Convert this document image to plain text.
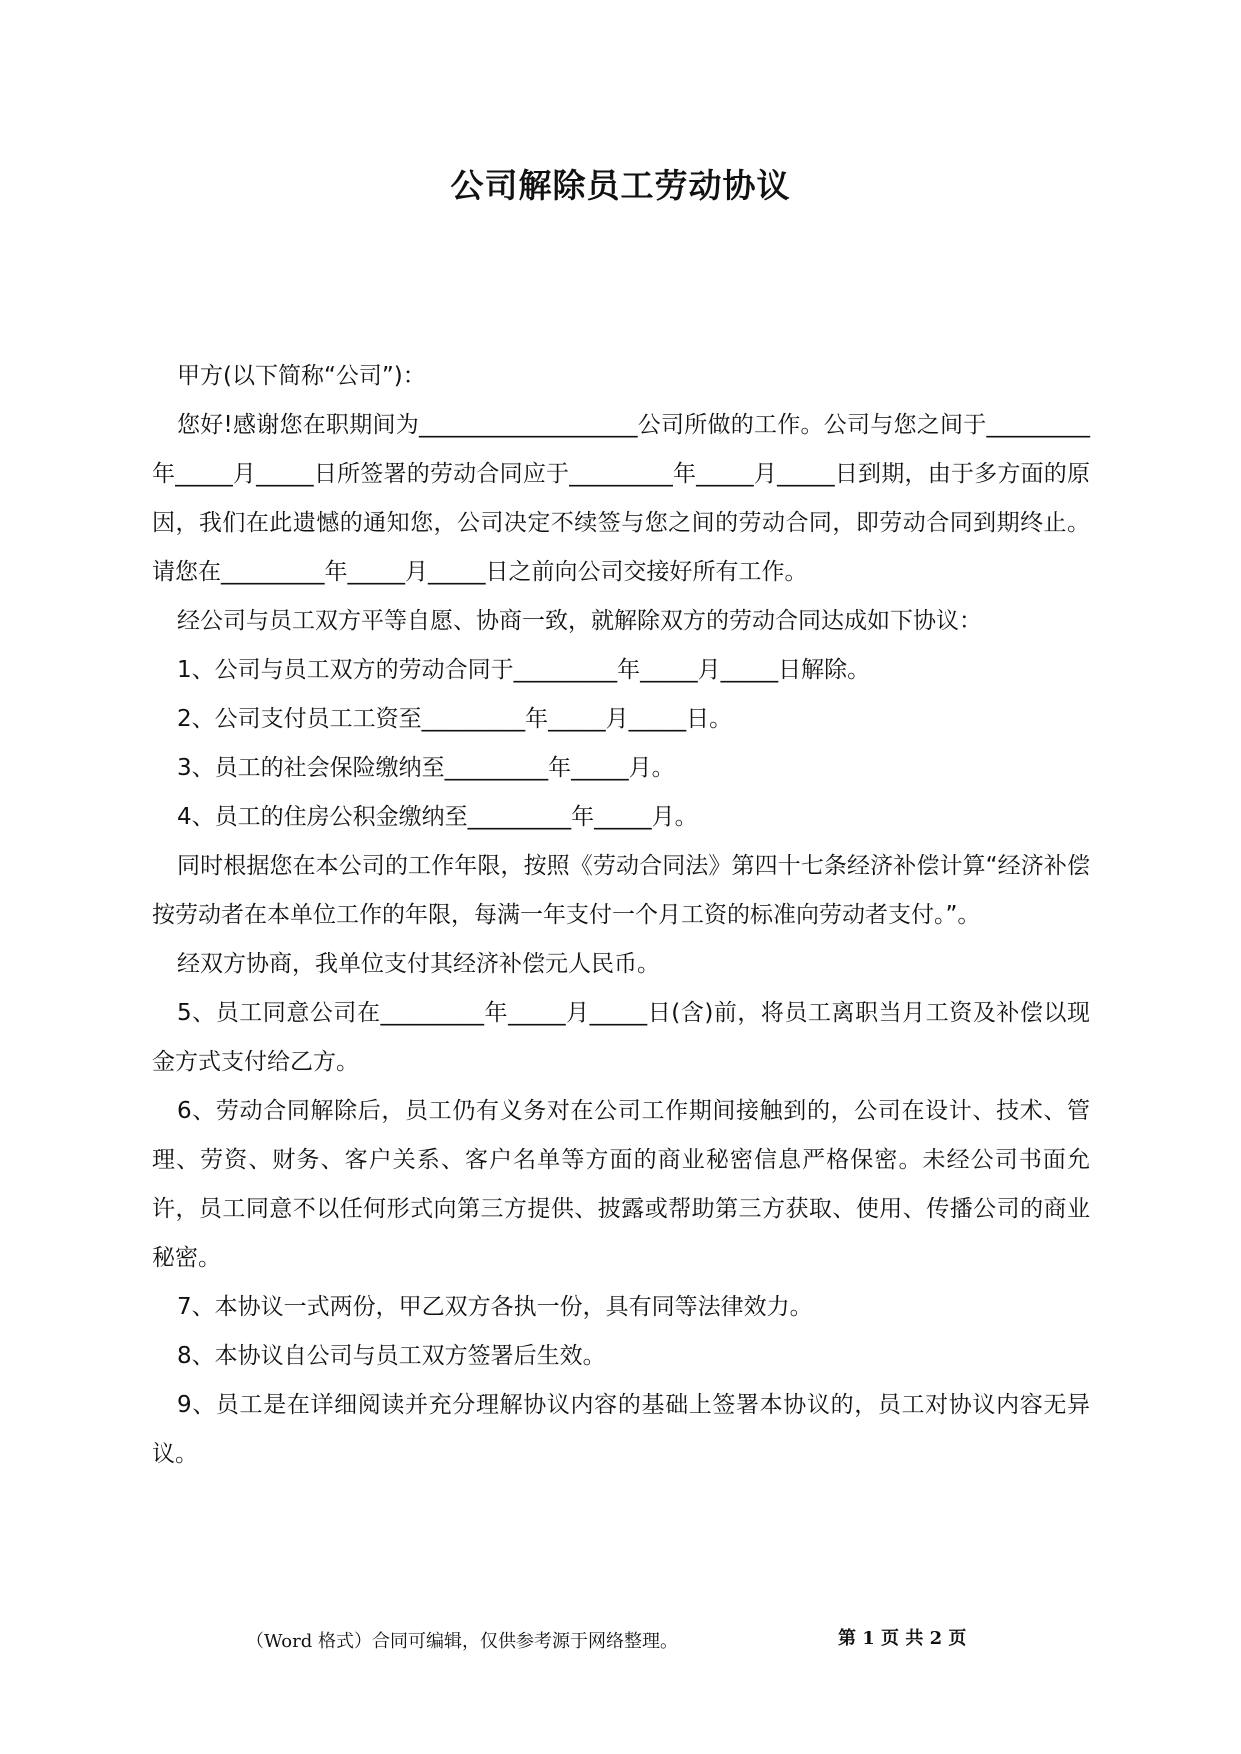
公司解除员工劳动协议

甲方(以下简称“公司”)：

您好!感谢您在职期间为___________________公司所做的工作。公司与您之间于_________年_____月_____日所签署的劳动合同应于_________年_____月_____日到期，由于多方面的原因，我们在此遗憾的通知您，公司决定不续签与您之间的劳动合同，即劳动合同到期终止。请您在_________年_____月_____日之前向公司交接好所有工作。

经公司与员工双方平等自愿、协商一致，就解除双方的劳动合同达成如下协议：

1、公司与员工双方的劳动合同于_________年_____月_____日解除。

2、公司支付员工工资至_________年_____月_____日。

3、员工的社会保险缴纳至_________年_____月。

4、员工的住房公积金缴纳至_________年_____月。

同时根据您在本公司的工作年限，按照《劳动合同法》第四十七条经济补偿计算“经济补偿按劳动者在本单位工作的年限，每满一年支付一个月工资的标准向劳动者支付。”。

经双方协商，我单位支付其经济补偿元人民币。

5、员工同意公司在_________年_____月_____日(含)前，将员工离职当月工资及补偿以现金方式支付给乙方。

6、劳动合同解除后，员工仍有义务对在公司工作期间接触到的，公司在设计、技术、管理、劳资、财务、客户关系、客户名单等方面的商业秘密信息严格保密。未经公司书面允许，员工同意不以任何形式向第三方提供、披露或帮助第三方获取、使用、传播公司的商业秘密。

7、本协议一式两份，甲乙双方各执一份，具有同等法律效力。

8、本协议自公司与员工双方签署后生效。

9、员工是在详细阅读并充分理解协议内容的基础上签署本协议的，员工对协议内容无异议。

（Word 格式）合同可编辑，仅供参考源于网络整理。	第 1 页 共 2 页
